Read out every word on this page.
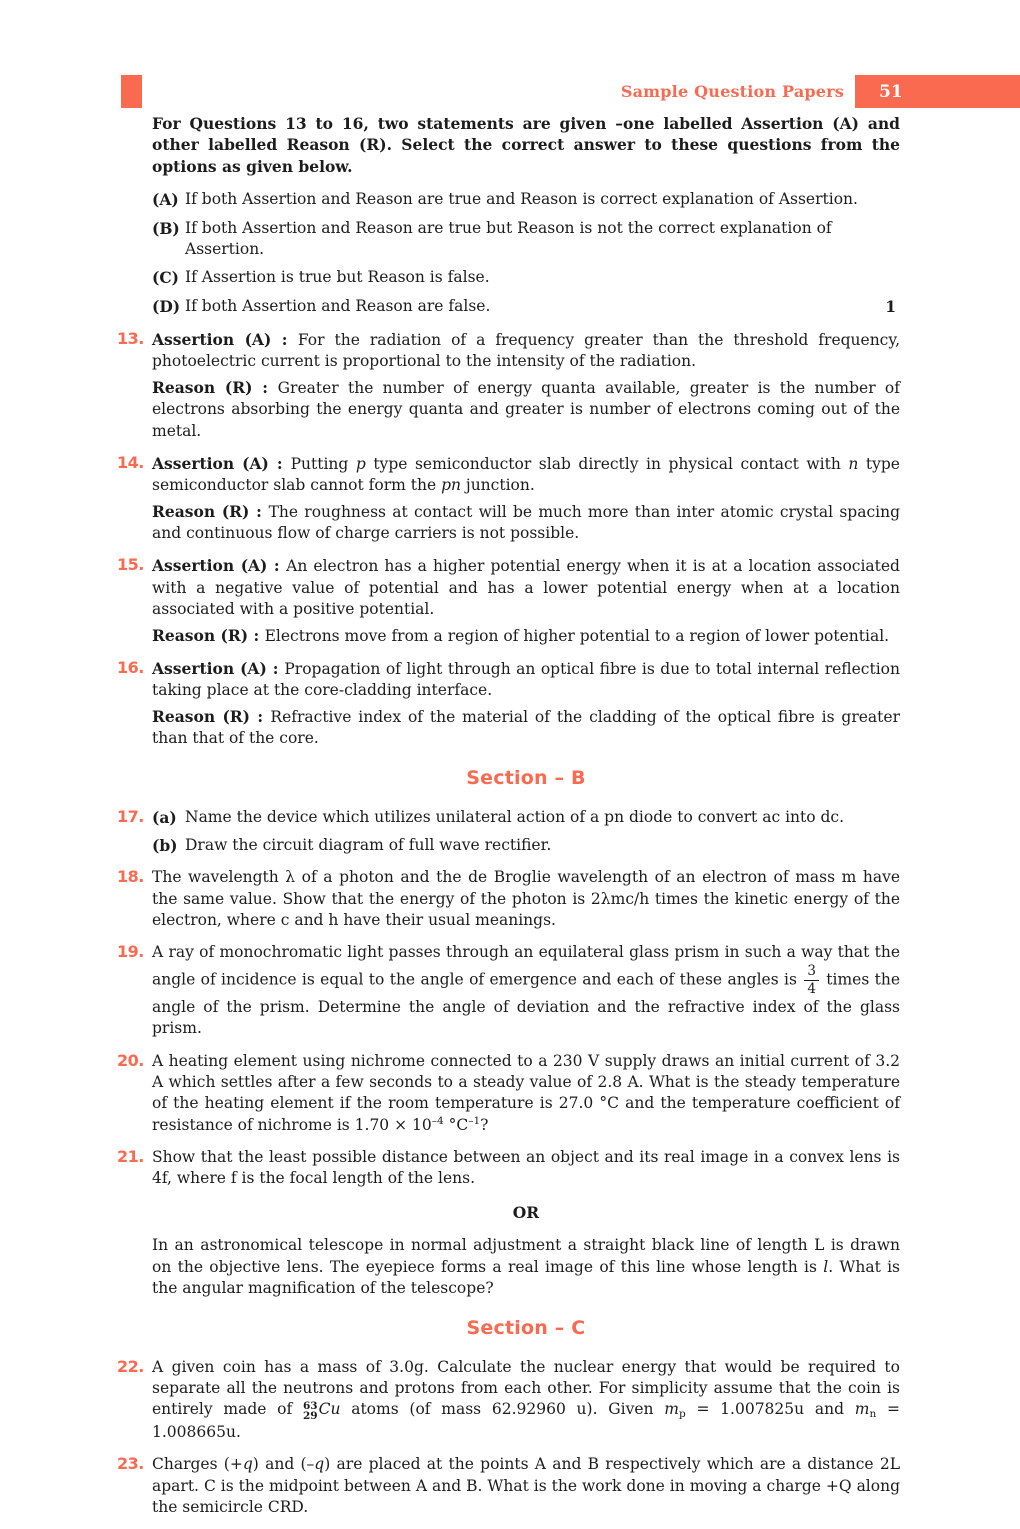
Sample Question Papers 51

For Questions 13 to 16, two statements are given –one labelled Assertion (A) and other labelled Reason (R). Select the correct answer to these questions from the options as given below.

(A) If both Assertion and Reason are true and Reason is correct explanation of Assertion.
(B) If both Assertion and Reason are true but Reason is not the correct explanation of Assertion.
(C) If Assertion is true but Reason is false.
(D) If both Assertion and Reason are false.	1
13. Assertion (A) : For the radiation of a frequency greater than the threshold frequency, photoelectric current is proportional to the intensity of the radiation.

Reason (R) : Greater the number of energy quanta available, greater is the number of electrons absorbing the energy quanta and greater is number of electrons coming out of the metal.

14. Assertion (A) : Putting p type semiconductor slab directly in physical contact with n type semiconductor slab cannot form the pn junction.

Reason (R) : The roughness at contact will be much more than inter atomic crystal spacing and continuous flow of charge carriers is not possible.

15. Assertion (A) : An electron has a higher potential energy when it is at a location associated with a negative value of potential and has a lower potential energy when at a location associated with a positive potential.

Reason (R) : Electrons move from a region of higher potential to a region of lower potential.

16. Assertion (A) : Propagation of light through an optical fibre is due to total internal reflection taking place at the core-cladding interface.

Reason (R) : Refractive index of the material of the cladding of the optical fibre is greater than that of the core.

Section – B
17. (a) Name the device which utilizes unilateral action of a pn diode to convert ac into dc.
(b) Draw the circuit diagram of full wave rectifier.
18. The wavelength λ of a photon and the de Broglie wavelength of an electron of mass m have the same value. Show that the energy of the photon is 2λmc/h times the kinetic energy of the electron, where c and h have their usual meanings.

19. A ray of monochromatic light passes through an equilateral glass prism in such a way that the angle of incidence is equal to the angle of emergence and each of these angles is $\frac{3}{4}$ times the angle of the prism. Determine the angle of deviation and the refractive index of the glass prism.

20. A heating element using nichrome connected to a 230 V supply draws an initial current of 3.2 A which settles after a few seconds to a steady value of 2.8 A. What is the steady temperature of the heating element if the room temperature is 27.0 °C and the temperature coefficient of resistance of nichrome is $1.70 \times 10^{-4}$ $^\circ C^{-1}$?

21. Show that the least possible distance between an object and its real image in a convex lens is 4f, where f is the focal length of the lens.

OR

In an astronomical telescope in normal adjustment a straight black line of length L is drawn on the objective lens. The eyepiece forms a real image of this line whose length is l. What is the angular magnification of the telescope?

Section – C
22. A given coin has a mass of 3.0g. Calculate the nuclear energy that would be required to separate all the neutrons and protons from each other. For simplicity assume that the coin is entirely made of 63
29 Cu atoms (of mass 62.92960 u). Given $m_p = 1.007825u$ and $m_n = 1.008665u$.

23. Charges (+q) and (–q) are placed at the points A and B respectively which are a distance 2L apart. C is the midpoint between A and B. What is the work done in moving a charge +Q along the semicircle CRD.
